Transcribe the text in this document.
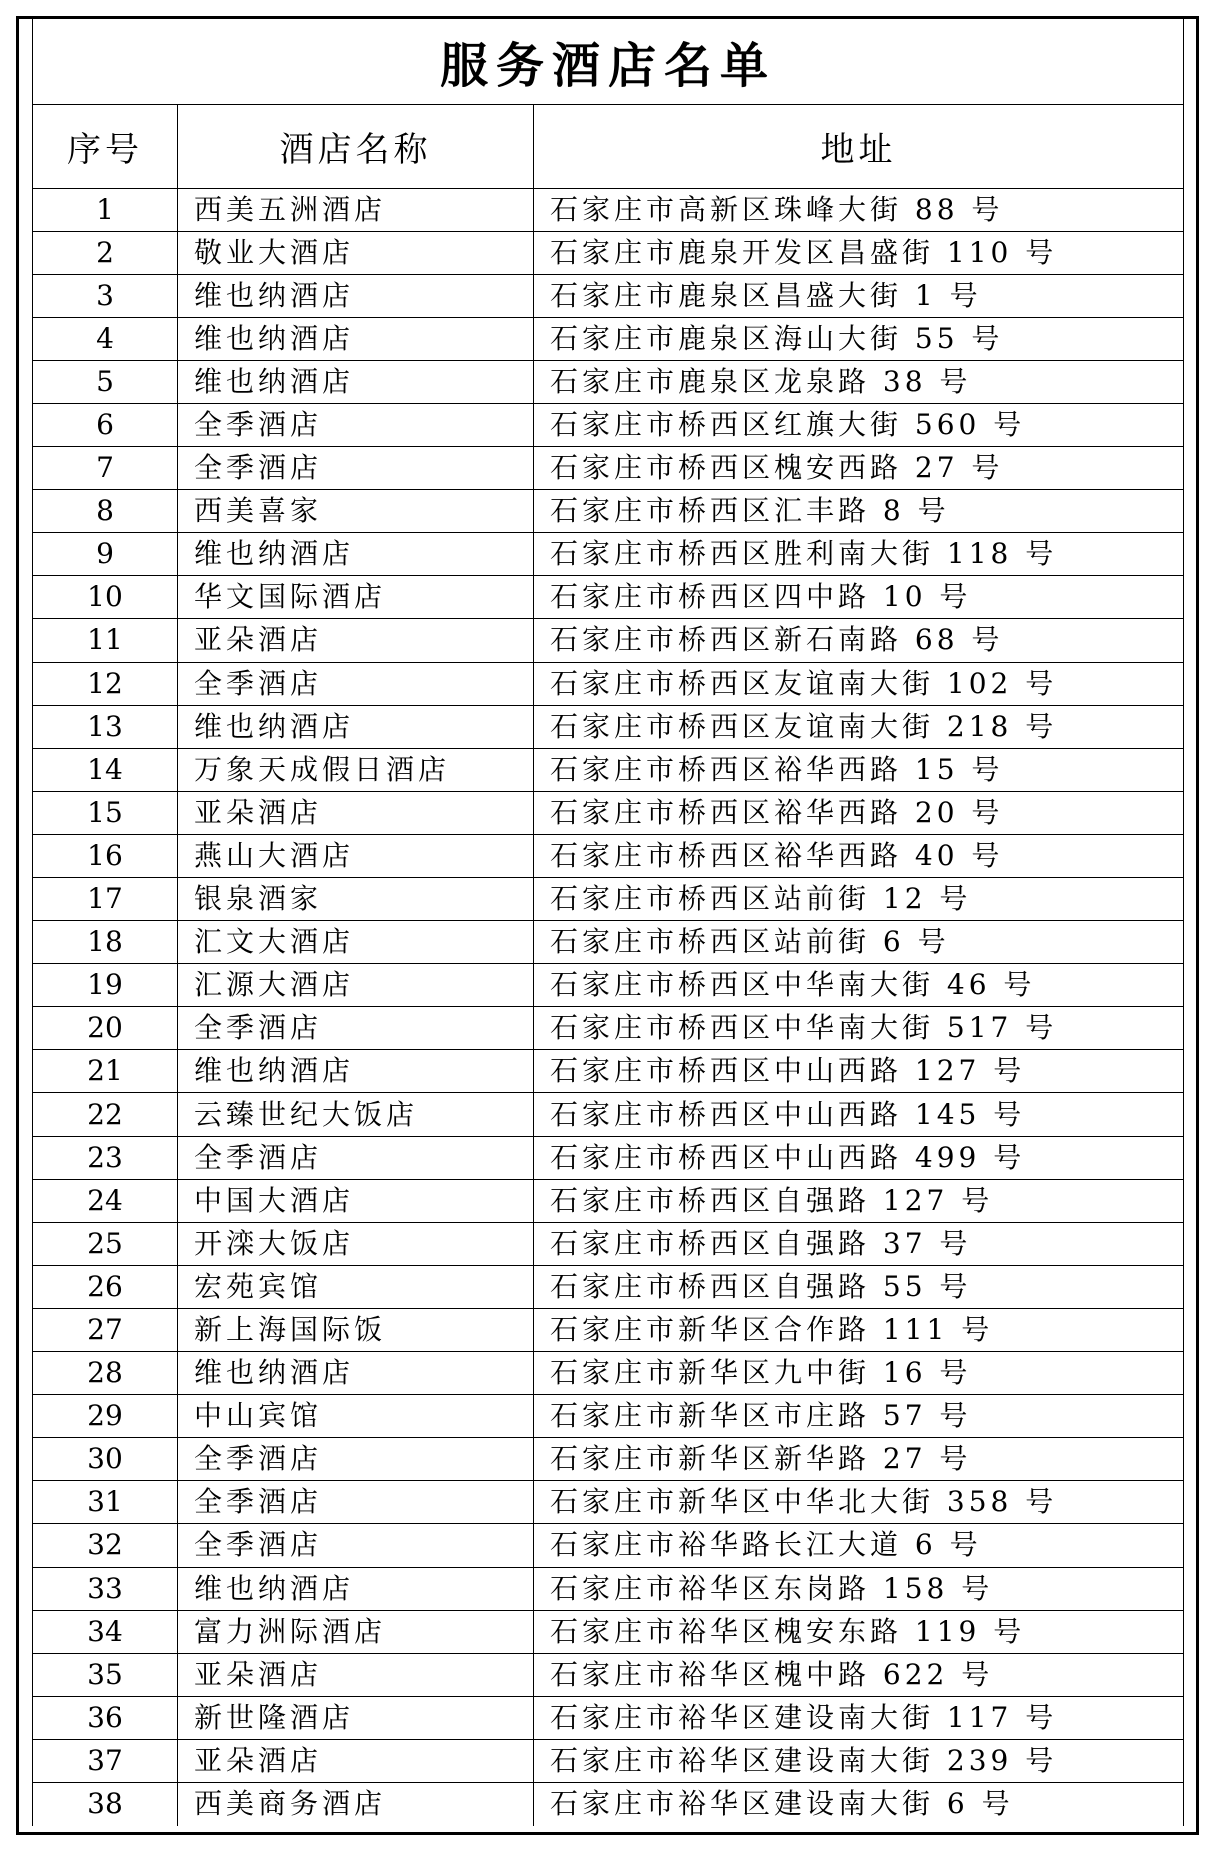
服务酒店名单		
序号	酒店名称	地址
1	西美五洲酒店	石家庄市高新区珠峰大街 88 号
2	敬业大酒店	石家庄市鹿泉开发区昌盛街 110 号
3	维也纳酒店	石家庄市鹿泉区昌盛大街 1 号
4	维也纳酒店	石家庄市鹿泉区海山大街 55 号
5	维也纳酒店	石家庄市鹿泉区龙泉路 38 号
6	全季酒店	石家庄市桥西区红旗大街 560 号
7	全季酒店	石家庄市桥西区槐安西路 27 号
8	西美喜家	石家庄市桥西区汇丰路 8 号
9	维也纳酒店	石家庄市桥西区胜利南大街 118 号
10	华文国际酒店	石家庄市桥西区四中路 10 号
11	亚朵酒店	石家庄市桥西区新石南路 68 号
12	全季酒店	石家庄市桥西区友谊南大街 102 号
13	维也纳酒店	石家庄市桥西区友谊南大街 218 号
14	万象天成假日酒店	石家庄市桥西区裕华西路 15 号
15	亚朵酒店	石家庄市桥西区裕华西路 20 号
16	燕山大酒店	石家庄市桥西区裕华西路 40 号
17	银泉酒家	石家庄市桥西区站前街 12 号
18	汇文大酒店	石家庄市桥西区站前街 6 号
19	汇源大酒店	石家庄市桥西区中华南大街 46 号
20	全季酒店	石家庄市桥西区中华南大街 517 号
21	维也纳酒店	石家庄市桥西区中山西路 127 号
22	云臻世纪大饭店	石家庄市桥西区中山西路 145 号
23	全季酒店	石家庄市桥西区中山西路 499 号
24	中国大酒店	石家庄市桥西区自强路 127 号
25	开滦大饭店	石家庄市桥西区自强路 37 号
26	宏苑宾馆	石家庄市桥西区自强路 55 号
27	新上海国际饭	石家庄市新华区合作路 111 号
28	维也纳酒店	石家庄市新华区九中街 16 号
29	中山宾馆	石家庄市新华区市庄路 57 号
30	全季酒店	石家庄市新华区新华路 27 号
31	全季酒店	石家庄市新华区中华北大街 358 号
32	全季酒店	石家庄市裕华路长江大道 6 号
33	维也纳酒店	石家庄市裕华区东岗路 158 号
34	富力洲际酒店	石家庄市裕华区槐安东路 119 号
35	亚朵酒店	石家庄市裕华区槐中路 622 号
36	新世隆酒店	石家庄市裕华区建设南大街 117 号
37	亚朵酒店	石家庄市裕华区建设南大街 239 号
38	西美商务酒店	石家庄市裕华区建设南大街 6 号
